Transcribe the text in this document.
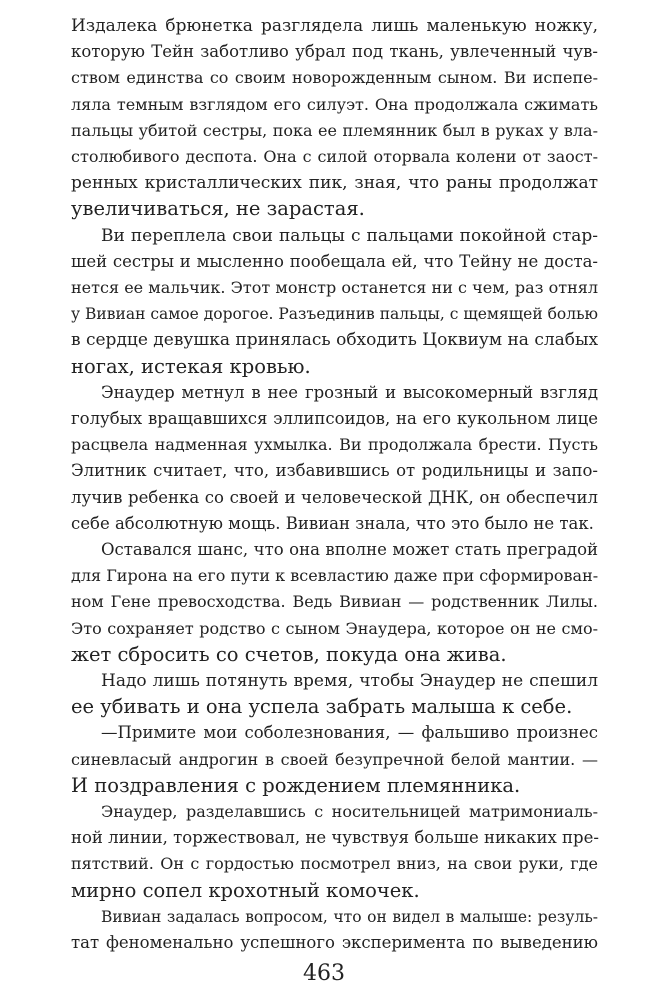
Издалека брюнетка разглядела лишь маленькую ножку,

которую Тейн заботливо убрал под ткань, увлеченный чув-

ством единства со своим новорожденным сыном. Ви испепе-

ляла темным взглядом его силуэт. Она продолжала сжимать

пальцы убитой сестры, пока ее племянник был в руках у вла-

столюбивого деспота. Она с силой оторвала колени от заост-

ренных кристаллических пик, зная, что раны продолжат

увеличиваться, не зарастая.

Ви переплела свои пальцы с пальцами покойной стар-

шей сестры и мысленно пообещала ей, что Тейну не доста-

нется ее мальчик. Этот монстр останется ни с чем, раз отнял

у Вивиан самое дорогое. Разъединив пальцы, с щемящей болью

в сердце девушка принялась обходить Цоквиум на слабых

ногах, истекая кровью.

Энаудер метнул в нее грозный и высокомерный взгляд

голубых вращавшихся эллипсоидов, на его кукольном лице

расцвела надменная ухмылка. Ви продолжала брести. Пусть

Элитник считает, что, избавившись от родильницы и запо-

лучив ребенка со своей и человеческой ДНК, он обеспечил

себе абсолютную мощь. Вивиан знала, что это было не так.

Оставался шанс, что она вполне может стать преградой

для Гирона на его пути к всевластию даже при сформирован-

ном Гене превосходства. Ведь Вивиан — родственник Лилы.

Это сохраняет родство с сыном Энаудера, которое он не смо-

жет сбросить со счетов, покуда она жива.

Надо лишь потянуть время, чтобы Энаудер не спешил

ее убивать и она успела забрать малыша к себе.

—Примите мои соболезнования, — фальшиво произнес

синевласый андрогин в своей безупречной белой мантии. —

И поздравления с рождением племянника.

Энаудер, разделавшись с носительницей матримониаль-

ной линии, торжествовал, не чувствуя больше никаких пре-

пятствий. Он с гордостью посмотрел вниз, на свои руки, где

мирно сопел крохотный комочек.

Вивиан задалась вопросом, что он видел в малыше: резуль-

тат феноменально успешного эксперимента по выведению

463
